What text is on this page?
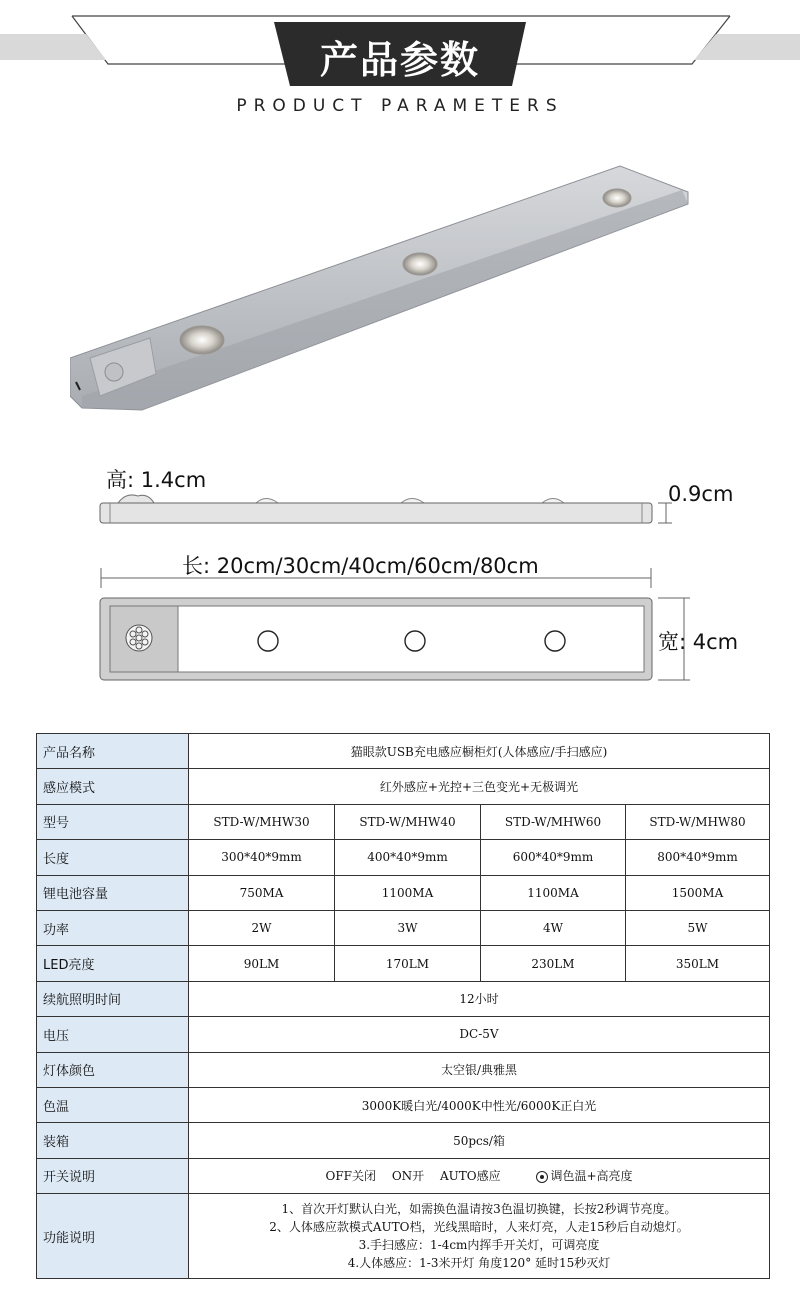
产品参数
PRODUCT PARAMETERS
高: 1.4cm
0.9cm
长: 20cm/30cm/40cm/60cm/80cm
宽: 4cm
产品名称	猫眼款USB充电感应橱柜灯(人体感应/手扫感应)			
感应模式	红外感应+光控+三色变光+无极调光			
型号	STD-W/MHW30	STD-W/MHW40	STD-W/MHW60	STD-W/MHW80
长度	300*40*9mm	400*40*9mm	600*40*9mm	800*40*9mm
锂电池容量	750MA	1100MA	1100MA	1500MA
功率	2W	3W	4W	5W
LED亮度	90LM	170LM	230LM	350LM
续航照明时间	12小时			
电压	DC-5V			
灯体颜色	太空银/典雅黑			
色温	3000K暖白光/4000K中性光/6000K正白光			
装箱	50pcs/箱			
开关说明	OFF关闭 ON开 AUTO感应 调色温+高亮度			
功能说明	1、首次开灯默认白光，如需换色温请按3色温切换键，长按2秒调节亮度。
2、人体感应款模式AUTO档，光线黑暗时，人来灯亮，人走15秒后自动熄灯。
3.手扫感应：1-4cm内挥手开关灯，可调亮度
4.人体感应：1-3米开灯 角度120° 延时15秒灭灯			
